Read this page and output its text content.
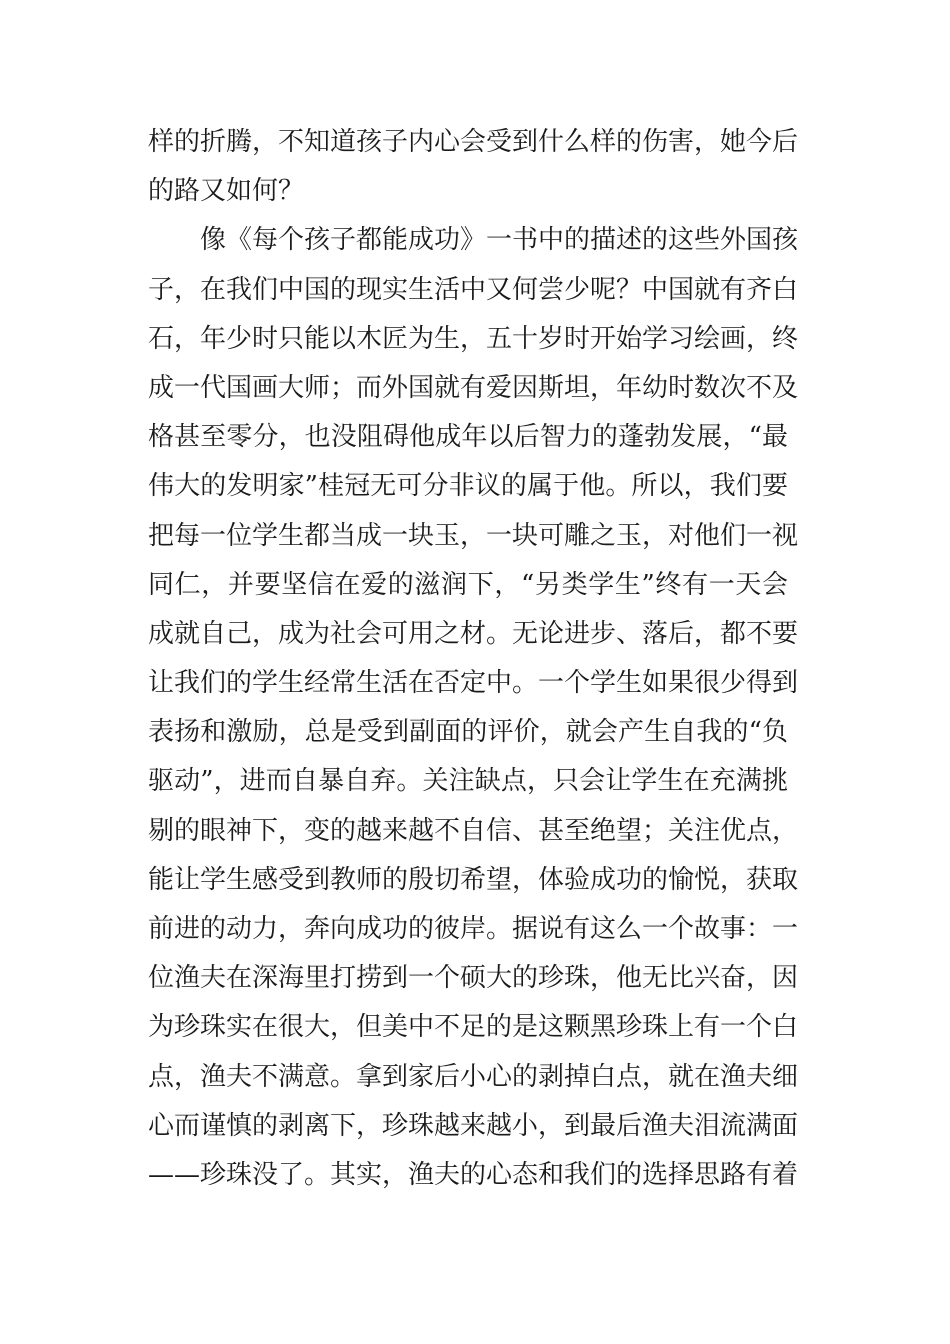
样的折腾，不知道孩子内心会受到什么样的伤害，她今后
的路又如何？
像《每个孩子都能成功》一书中的描述的这些外国孩
子，在我们中国的现实生活中又何尝少呢？中国就有齐白
石，年少时只能以木匠为生，五十岁时开始学习绘画，终
成一代国画大师；而外国就有爱因斯坦，年幼时数次不及
格甚至零分，也没阻碍他成年以后智力的蓬勃发展，“最
伟大的发明家”桂冠无可分非议的属于他。所以，我们要
把每一位学生都当成一块玉，一块可雕之玉，对他们一视
同仁，并要坚信在爱的滋润下，“另类学生”终有一天会
成就自己，成为社会可用之材。无论进步、落后，都不要
让我们的学生经常生活在否定中。一个学生如果很少得到
表扬和激励，总是受到副面的评价，就会产生自我的“负
驱动”，进而自暴自弃。关注缺点，只会让学生在充满挑
剔的眼神下，变的越来越不自信、甚至绝望；关注优点，
能让学生感受到教师的殷切希望，体验成功的愉悦，获取
前进的动力，奔向成功的彼岸。据说有这么一个故事：一
位渔夫在深海里打捞到一个硕大的珍珠，他无比兴奋，因
为珍珠实在很大，但美中不足的是这颗黑珍珠上有一个白
点，渔夫不满意。拿到家后小心的剥掉白点，就在渔夫细
心而谨慎的剥离下，珍珠越来越小，到最后渔夫泪流满面
——珍珠没了。其实，渔夫的心态和我们的选择思路有着
